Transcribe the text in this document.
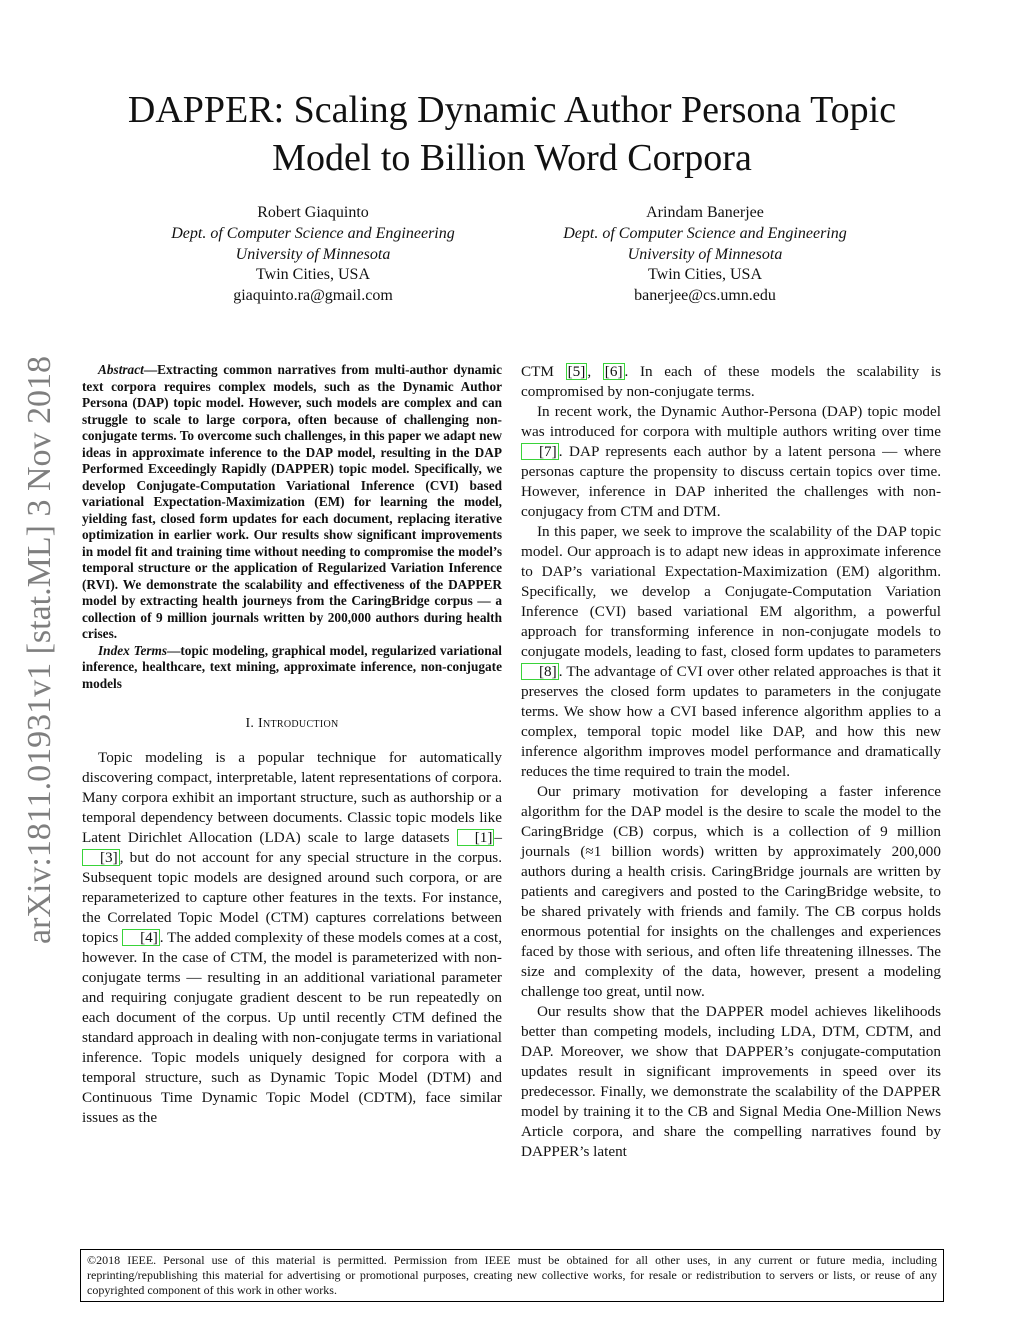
arXiv:1811.01931v1 [stat.ML] 3 Nov 2018
DAPPER: Scaling Dynamic Author Persona Topic
Model to Billion Word Corpora
Robert Giaquinto
Dept. of Computer Science and Engineering
University of Minnesota
Twin Cities, USA
giaquinto.ra@gmail.com
Arindam Banerjee
Dept. of Computer Science and Engineering
University of Minnesota
Twin Cities, USA
banerjee@cs.umn.edu

Abstract—Extracting common narratives from multi-author dynamic text corpora requires complex models, such as the Dynamic Author Persona (DAP) topic model. However, such models are complex and can struggle to scale to large corpora, often because of challenging non-conjugate terms. To overcome such challenges, in this paper we adapt new ideas in approximate inference to the DAP model, resulting in the DAP Performed Exceedingly Rapidly (DAPPER) topic model. Specifically, we develop Conjugate-Computation Variational Inference (CVI) based variational Expectation-Maximization (EM) for learning the model, yielding fast, closed form updates for each document, replacing iterative optimization in earlier work. Our results show significant improvements in model fit and training time without needing to compromise the model’s temporal structure or the application of Regularized Variation Inference (RVI). We demonstrate the scalability and effectiveness of the DAPPER model by extracting health journeys from the CaringBridge corpus — a collection of 9 million journals written by 200,000 authors during health crises.

Index Terms—topic modeling, graphical model, regularized variational inference, healthcare, text mining, approximate inference, non-conjugate models

I. Introduction

Topic modeling is a popular technique for automatically discovering compact, interpretable, latent representations of corpora. Many corpora exhibit an important structure, such as authorship or a temporal dependency between documents. Classic topic models like Latent Dirichlet Allocation (LDA) scale to large datasets [1] –[3] , but do not account for any special structure in the corpus. Subsequent topic models are designed around such corpora, or are reparameterized to capture other features in the texts. For instance, the Correlated Topic Model (CTM) captures correlations between topics [4] . The added complexity of these models comes at a cost, however. In the case of CTM, the model is parameterized with non-conjugate terms — resulting in an additional variational parameter and requiring conjugate gradient descent to be run repeatedly on each document of the corpus. Up until recently CTM defined the standard approach in dealing with non-conjugate terms in variational inference. Topic models uniquely designed for corpora with a temporal structure, such as Dynamic Topic Model (DTM) and Continuous Time Dynamic Topic Model (CDTM), face similar issues as the

CTM [5] , [6] . In each of these models the scalability is compromised by non-conjugate terms.

In recent work, the Dynamic Author-Persona (DAP) topic model was introduced for corpora with multiple authors writing over time [7] . DAP represents each author by a latent persona — where personas capture the propensity to discuss certain topics over time. However, inference in DAP inherited the challenges with non-conjugacy from CTM and DTM.

In this paper, we seek to improve the scalability of the DAP topic model. Our approach is to adapt new ideas in approximate inference to DAP’s variational Expectation-Maximization (EM) algorithm. Specifically, we develop a Conjugate-Computation Variation Inference (CVI) based variational EM algorithm, a powerful approach for transforming inference in non-conjugate models to conjugate models, leading to fast, closed form updates to parameters [8] . The advantage of CVI over other related approaches is that it preserves the closed form updates to parameters in the conjugate terms. We show how a CVI based inference algorithm applies to a complex, temporal topic model like DAP, and how this new inference algorithm improves model performance and dramatically reduces the time required to train the model.

Our primary motivation for developing a faster inference algorithm for the DAP model is the desire to scale the model to the CaringBridge (CB) corpus, which is a collection of 9 million journals (≈1 billion words) written by approximately 200,000 authors during a health crisis. CaringBridge journals are written by patients and caregivers and posted to the CaringBridge website, to be shared privately with friends and family. The CB corpus holds enormous potential for insights on the challenges and experiences faced by those with serious, and often life threatening illnesses. The size and complexity of the data, however, present a modeling challenge too great, until now.

Our results show that the DAPPER model achieves likelihoods better than competing models, including LDA, DTM, CDTM, and DAP. Moreover, we show that DAPPER’s conjugate-computation updates result in significant improvements in speed over its predecessor. Finally, we demonstrate the scalability of the DAPPER model by training it to the CB and Signal Media One-Million News Article corpora, and share the compelling narratives found by DAPPER’s latent

©2018 IEEE. Personal use of this material is permitted. Permission from IEEE must be obtained for all other uses, in any current or future media, including reprinting/republishing this material for advertising or promotional purposes, creating new collective works, for resale or redistribution to servers or lists, or reuse of any copyrighted component of this work in other works.
